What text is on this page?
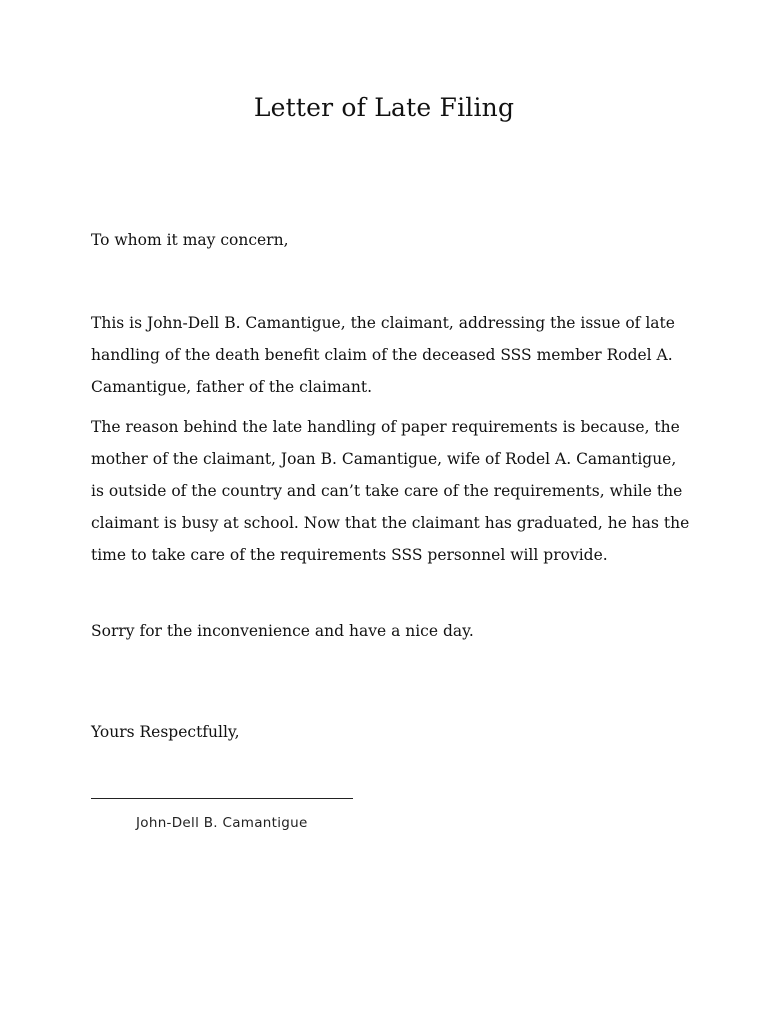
Letter of Late Filing
To whom it may concern,
This is John-Dell B. Camantigue, the claimant, addressing the issue of late handling of the death benefit claim of the deceased SSS member Rodel A. Camantigue, father of the claimant.
The reason behind the late handling of paper requirements is because, the mother of the claimant, Joan B. Camantigue, wife of Rodel A. Camantigue, is outside of the country and can’t take care of the requirements, while the claimant is busy at school. Now that the claimant has graduated, he has the time to take care of the requirements SSS personnel will provide.
Sorry for the inconvenience and have a nice day.
Yours Respectfully,
John-Dell B. Camantigue
